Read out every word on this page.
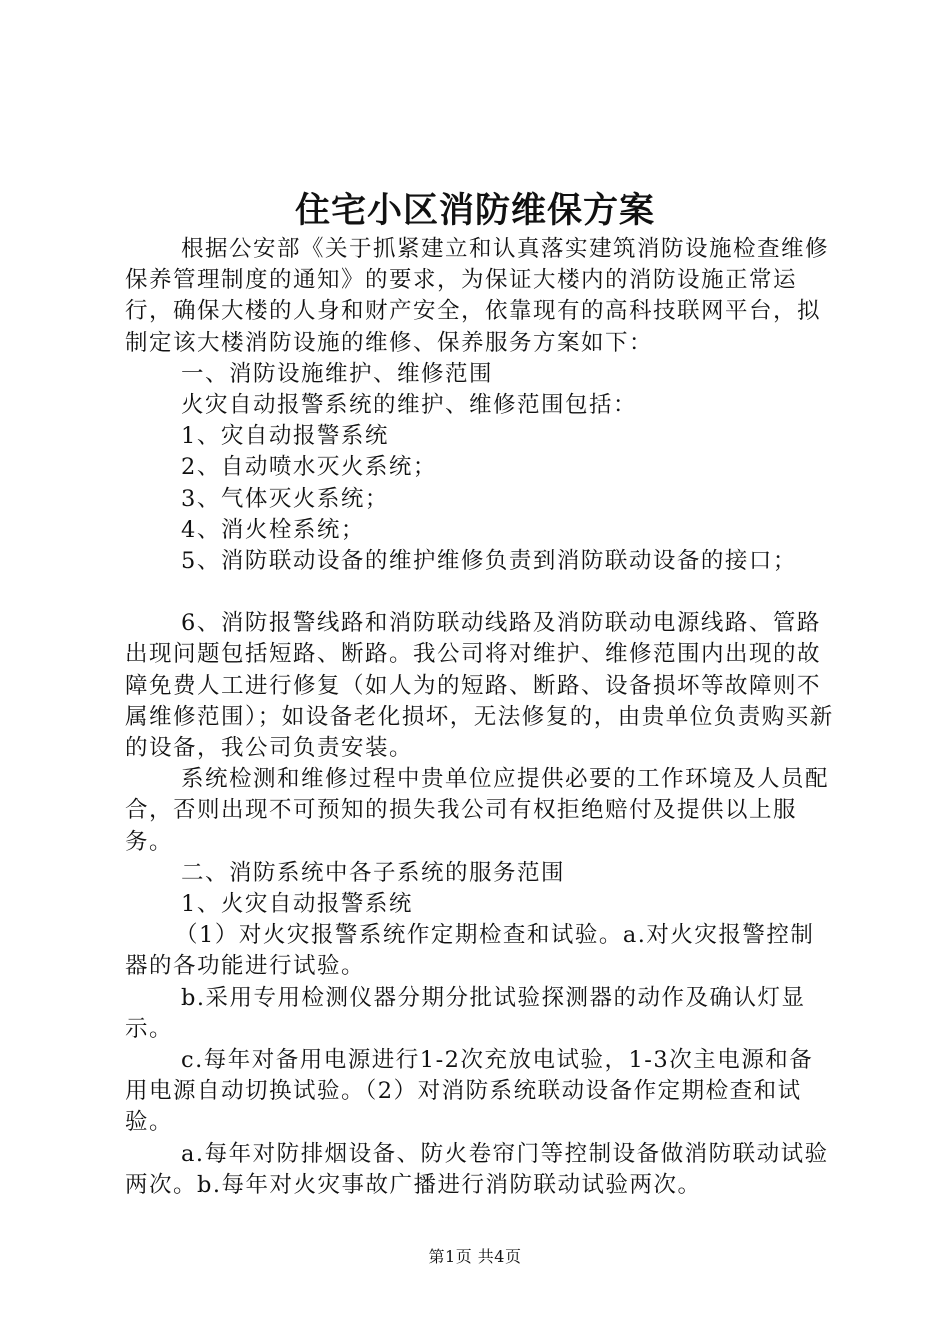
住宅小区消防维保方案

根据公安部《关于抓紧建立和认真落实建筑消防设施检查维修保养管理制度的通知》的要求，为保证大楼内的消防设施正常运行，确保大楼的人身和财产安全，依靠现有的高科技联网平台，拟制定该大楼消防设施的维修、保养服务方案如下：

一、消防设施维护、维修范围

火灾自动报警系统的维护、维修范围包括：

1、灾自动报警系统

2、自动喷水灭火系统；

3、气体灭火系统；

4、消火栓系统；

5、消防联动设备的维护维修负责到消防联动设备的接口；

6、消防报警线路和消防联动线路及消防联动电源线路、管路出现问题包括短路、断路。我公司将对维护、维修范围内出现的故障免费人工进行修复（如人为的短路、断路、设备损坏等故障则不属维修范围）；如设备老化损坏，无法修复的，由贵单位负责购买新的设备，我公司负责安装。

系统检测和维修过程中贵单位应提供必要的工作环境及人员配合，否则出现不可预知的损失我公司有权拒绝赔付及提供以上服务。

二、消防系统中各子系统的服务范围

1、火灾自动报警系统

（1）对火灾报警系统作定期检查和试验。a.对火灾报警控制器的各功能进行试验。

b.采用专用检测仪器分期分批试验探测器的动作及确认灯显示。

c.每年对备用电源进行1-2次充放电试验，1-3次主电源和备用电源自动切换试验。（2）对消防系统联动设备作定期检查和试验。

a.每年对防排烟设备、防火卷帘门等控制设备做消防联动试验两次。b.每年对火灾事故广播进行消防联动试验两次。

第1页 共4页
